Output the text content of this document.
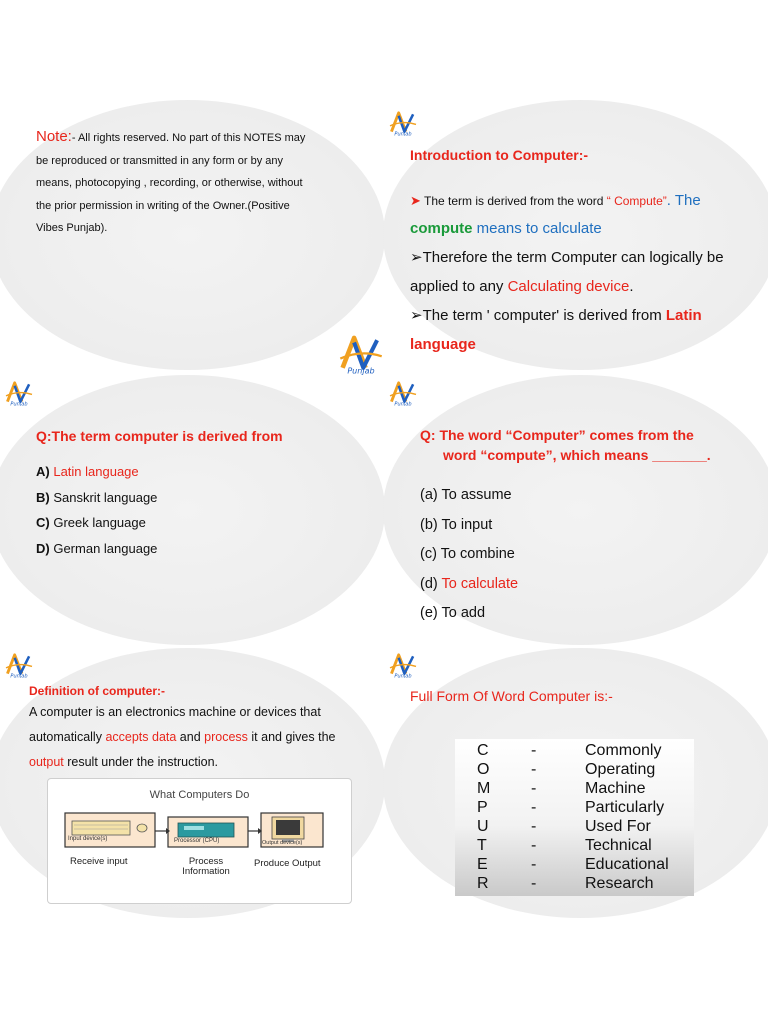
Punjab
Punjab
Punjab	Punjab
Punjab	Punjab
Note:- All rights reserved. No part of this NOTES may
be reproduced or transmitted in any form or by any
means, photocopying , recording, or otherwise, without
the prior permission in writing of the Owner.(Positive
Vibes Punjab).
Introduction to Computer:-
➤ The term is derived from the word “ Compute”. The
compute means to calculate
➢Therefore the term Computer can logically be
applied to any Calculating device.
➢The term ' computer' is derived from Latin
language
Q:The term computer is derived from
A) Latin language
B) Sanskrit language
C) Greek language
D) German language
Q: The word “Computer” comes from the
word “compute”, which means _______.
(a) To assume
(b) To input
(c) To combine
(d) To calculate
(e) To add
Definition of computer:-
A computer is an electronics machine or devices that
automatically accepts data and process it and gives the
output result under the instruction.
What Computers Do
Input device(s)	Processor (CPU)	Output device(s)
Receive input	Process
Information
Produce Output
Full Form Of Word Computer is:-
C	-	Commonly
O	-	Operating
M	-	Machine
P	-	Particularly
U	-	Used For
T	-	Technical
E	-	Educational
R	-	Research
